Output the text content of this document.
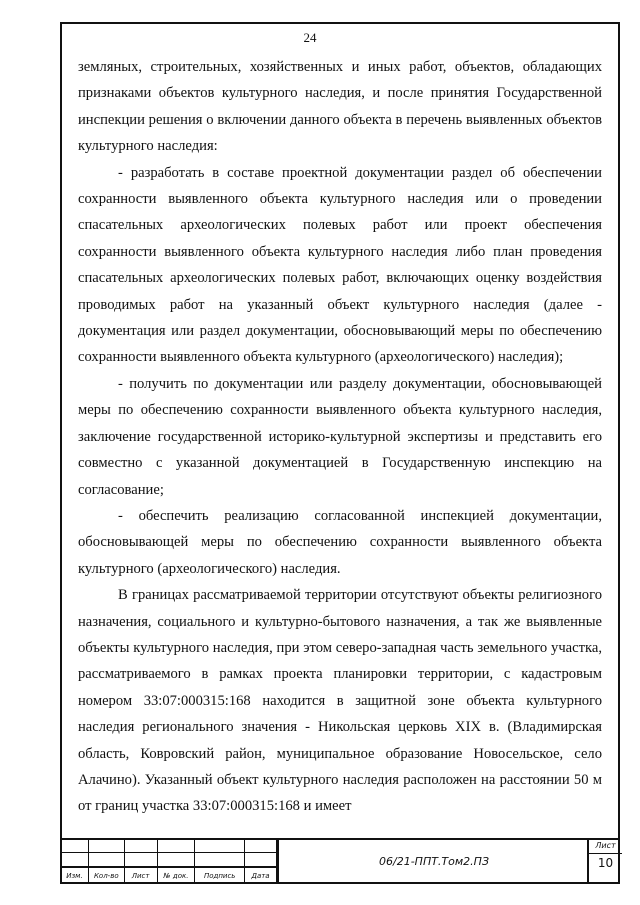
24

земляных, строительных, хозяйственных и иных работ, объектов, обладающих признаками объектов культурного наследия, и после принятия Государственной инспекции решения о включении данного объекта в перечень выявленных объектов культурного наследия:

- разработать в составе проектной документации раздел об обеспечении сохранности выявленного объекта культурного наследия или о проведении спасательных археологических полевых работ или проект обеспечения сохранности выявленного объекта культурного наследия либо план проведения спасательных археологических полевых работ, включающих оценку воздействия проводимых работ на указанный объект культурного наследия (далее - документация или раздел документации, обосновывающий меры по обеспечению сохранности выявленного объекта культурного (археологического) наследия);

- получить по документации или разделу документации, обосновывающей меры по обеспечению сохранности выявленного объекта культурного наследия, заключение государственной историко-культурной экспертизы и представить его совместно с указанной документацией в Государственную инспекцию на согласование;

- обеспечить реализацию согласованной инспекцией документации, обосновывающей меры по обеспечению сохранности выявленного объекта культурного (археологического) наследия.

В границах рассматриваемой территории отсутствуют объекты религиозного назначения, социального и культурно-бытового назначения, а так же выявленные объекты культурного наследия, при этом северо-западная часть земельного участка, рассматриваемого в рамках проекта планировки территории, с кадастровым номером 33:07:000315:168 находится в защитной зоне объекта культурного наследия регионального значения - Никольская церковь XIX в. (Владимирская область, Ковровский район, муниципальное образование Новосельское, село Алачино). Указанный объект культурного наследия расположен на расстоянии 50 м от границ участка 33:07:000315:168 и имеет

Изм.	Кол-во	Лист	№ док.	Подпись	Дата
06/21-ППТ.Том2.ПЗ
Лист
10
